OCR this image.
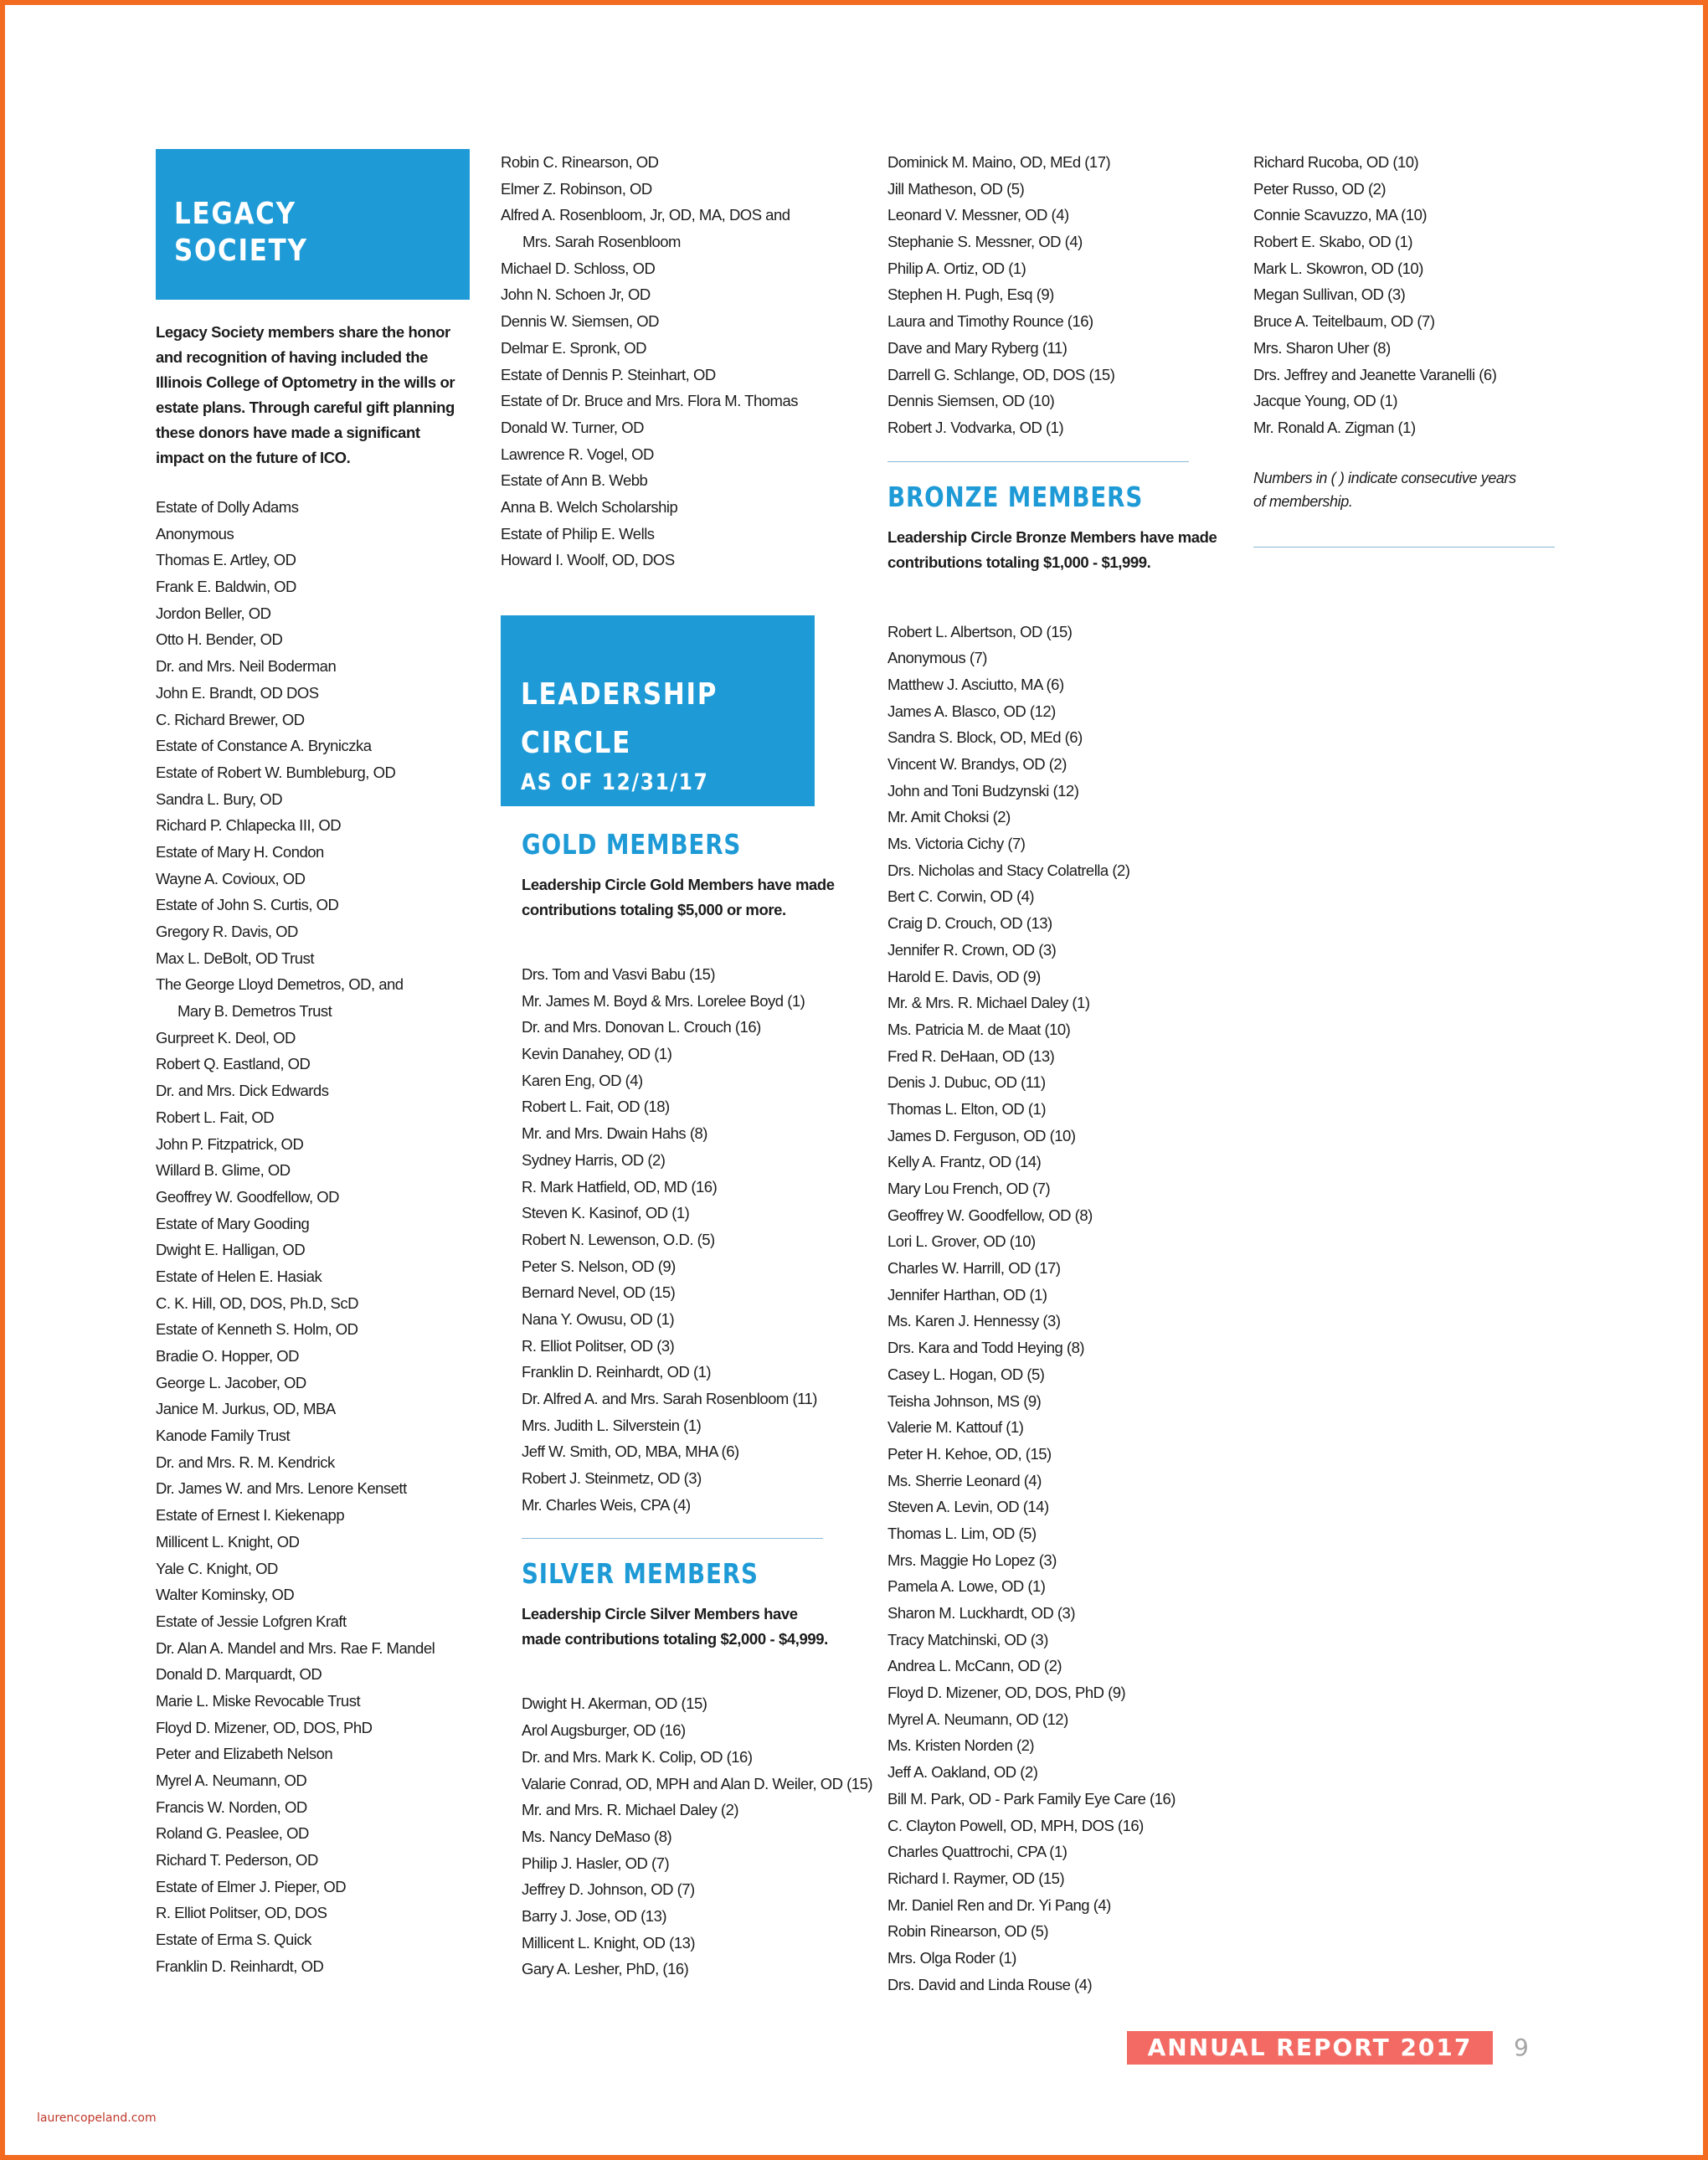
LEGACY
SOCIETY

Legacy Society members share the honor and recognition of having included the Illinois College of Optometry in the wills or estate plans. Through careful gift planning these donors have made a significant impact on the future of ICO.

Estate of Dolly Adams
Anonymous
Thomas E. Artley, OD
Frank E. Baldwin, OD
Jordon Beller, OD
Otto H. Bender, OD
Dr. and Mrs. Neil Boderman
John E. Brandt, OD DOS
C. Richard Brewer, OD
Estate of Constance A. Bryniczka
Estate of Robert W. Bumbleburg, OD
Sandra L. Bury, OD
Richard P. Chlapecka III, OD
Estate of Mary H. Condon
Wayne A. Covioux, OD
Estate of John S. Curtis, OD
Gregory R. Davis, OD
Max L. DeBolt, OD Trust
The George Lloyd Demetros, OD, and
Mary B. Demetros Trust
Gurpreet K. Deol, OD
Robert Q. Eastland, OD
Dr. and Mrs. Dick Edwards
Robert L. Fait, OD
John P. Fitzpatrick, OD
Willard B. Glime, OD
Geoffrey W. Goodfellow, OD
Estate of Mary Gooding
Dwight E. Halligan, OD
Estate of Helen E. Hasiak
C. K. Hill, OD, DOS, Ph.D, ScD
Estate of Kenneth S. Holm, OD
Bradie O. Hopper, OD
George L. Jacober, OD
Janice M. Jurkus, OD, MBA
Kanode Family Trust
Dr. and Mrs. R. M. Kendrick
Dr. James W. and Mrs. Lenore Kensett
Estate of Ernest I. Kiekenapp
Millicent L. Knight, OD
Yale C. Knight, OD
Walter Kominsky, OD
Estate of Jessie Lofgren Kraft
Dr. Alan A. Mandel and Mrs. Rae F. Mandel
Donald D. Marquardt, OD
Marie L. Miske Revocable Trust
Floyd D. Mizener, OD, DOS, PhD
Peter and Elizabeth Nelson
Myrel A. Neumann, OD
Francis W. Norden, OD
Roland G. Peaslee, OD
Richard T. Pederson, OD
Estate of Elmer J. Pieper, OD
R. Elliot Politser, OD, DOS
Estate of Erma S. Quick
Franklin D. Reinhardt, OD
Robin C. Rinearson, OD
Elmer Z. Robinson, OD
Alfred A. Rosenbloom, Jr, OD, MA, DOS and
Mrs. Sarah Rosenbloom
Michael D. Schloss, OD
John N. Schoen Jr, OD
Dennis W. Siemsen, OD
Delmar E. Spronk, OD
Estate of Dennis P. Steinhart, OD
Estate of Dr. Bruce and Mrs. Flora M. Thomas
Donald W. Turner, OD
Lawrence R. Vogel, OD
Estate of Ann B. Webb
Anna B. Welch Scholarship
Estate of Philip E. Wells
Howard I. Woolf, OD, DOS
LEADERSHIP
CIRCLE
AS OF 12/31/17
GOLD MEMBERS

Leadership Circle Gold Members have made contributions totaling $5,000 or more.

Drs. Tom and Vasvi Babu (15)
Mr. James M. Boyd & Mrs. Lorelee Boyd (1)
Dr. and Mrs. Donovan L. Crouch (16)
Kevin Danahey, OD (1)
Karen Eng, OD (4)
Robert L. Fait, OD (18)
Mr. and Mrs. Dwain Hahs (8)
Sydney Harris, OD (2)
R. Mark Hatfield, OD, MD (16)
Steven K. Kasinof, OD (1)
Robert N. Lewenson, O.D. (5)
Peter S. Nelson, OD (9)
Bernard Nevel, OD (15)
Nana Y. Owusu, OD (1)
R. Elliot Politser, OD (3)
Franklin D. Reinhardt, OD (1)
Dr. Alfred A. and Mrs. Sarah Rosenbloom (11)
Mrs. Judith L. Silverstein (1)
Jeff W. Smith, OD, MBA, MHA (6)
Robert J. Steinmetz, OD (3)
Mr. Charles Weis, CPA (4)
SILVER MEMBERS

Leadership Circle Silver Members have made contributions totaling $2,000 - $4,999.

Dwight H. Akerman, OD (15)
Arol Augsburger, OD (16)
Dr. and Mrs. Mark K. Colip, OD (16)
Valarie Conrad, OD, MPH and Alan D. Weiler, OD (15)
Mr. and Mrs. R. Michael Daley (2)
Ms. Nancy DeMaso (8)
Philip J. Hasler, OD (7)
Jeffrey D. Johnson, OD (7)
Barry J. Jose, OD (13)
Millicent L. Knight, OD (13)
Gary A. Lesher, PhD, (16)
Dominick M. Maino, OD, MEd (17)
Jill Matheson, OD (5)
Leonard V. Messner, OD (4)
Stephanie S. Messner, OD (4)
Philip A. Ortiz, OD (1)
Stephen H. Pugh, Esq (9)
Laura and Timothy Rounce (16)
Dave and Mary Ryberg (11)
Darrell G. Schlange, OD, DOS (15)
Dennis Siemsen, OD (10)
Robert J. Vodvarka, OD (1)
BRONZE MEMBERS

Leadership Circle Bronze Members have made contributions totaling $1,000 - $1,999.

Robert L. Albertson, OD (15)
Anonymous (7)
Matthew J. Asciutto, MA (6)
James A. Blasco, OD (12)
Sandra S. Block, OD, MEd (6)
Vincent W. Brandys, OD (2)
John and Toni Budzynski (12)
Mr. Amit Choksi (2)
Ms. Victoria Cichy (7)
Drs. Nicholas and Stacy Colatrella (2)
Bert C. Corwin, OD (4)
Craig D. Crouch, OD (13)
Jennifer R. Crown, OD (3)
Harold E. Davis, OD (9)
Mr. & Mrs. R. Michael Daley (1)
Ms. Patricia M. de Maat (10)
Fred R. DeHaan, OD (13)
Denis J. Dubuc, OD (11)
Thomas L. Elton, OD (1)
James D. Ferguson, OD (10)
Kelly A. Frantz, OD (14)
Mary Lou French, OD (7)
Geoffrey W. Goodfellow, OD (8)
Lori L. Grover, OD (10)
Charles W. Harrill, OD (17)
Jennifer Harthan, OD (1)
Ms. Karen J. Hennessy (3)
Drs. Kara and Todd Heying (8)
Casey L. Hogan, OD (5)
Teisha Johnson, MS (9)
Valerie M. Kattouf (1)
Peter H. Kehoe, OD, (15)
Ms. Sherrie Leonard (4)
Steven A. Levin, OD (14)
Thomas L. Lim, OD (5)
Mrs. Maggie Ho Lopez (3)
Pamela A. Lowe, OD (1)
Sharon M. Luckhardt, OD (3)
Tracy Matchinski, OD (3)
Andrea L. McCann, OD (2)
Floyd D. Mizener, OD, DOS, PhD (9)
Myrel A. Neumann, OD (12)
Ms. Kristen Norden (2)
Jeff A. Oakland, OD (2)
Bill M. Park, OD - Park Family Eye Care (16)
C. Clayton Powell, OD, MPH, DOS (16)
Charles Quattrochi, CPA (1)
Richard I. Raymer, OD (15)
Mr. Daniel Ren and Dr. Yi Pang (4)
Robin Rinearson, OD (5)
Mrs. Olga Roder (1)
Drs. David and Linda Rouse (4)
Richard Rucoba, OD (10)
Peter Russo, OD (2)
Connie Scavuzzo, MA (10)
Robert E. Skabo, OD (1)
Mark L. Skowron, OD (10)
Megan Sullivan, OD (3)
Bruce A. Teitelbaum, OD (7)
Mrs. Sharon Uher (8)
Drs. Jeffrey and Jeanette Varanelli (6)
Jacque Young, OD (1)
Mr. Ronald A. Zigman (1)

Numbers in ( ) indicate consecutive years of membership.

ANNUAL REPORT 2017	9
laurencopeland.com
